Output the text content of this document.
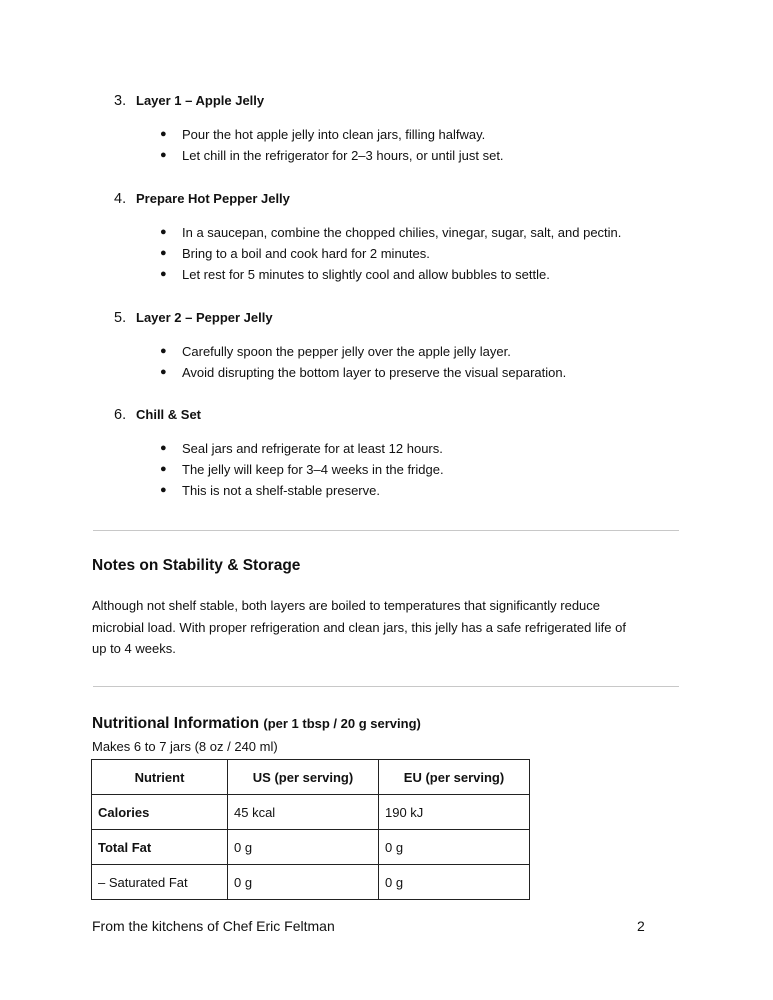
3. Layer 1 – Apple Jelly
●	Pour the hot apple jelly into clean jars, filling halfway.
●	Let chill in the refrigerator for 2–3 hours, or until just set.
4. Prepare Hot Pepper Jelly
●	In a saucepan, combine the chopped chilies, vinegar, sugar, salt, and pectin.
●	Bring to a boil and cook hard for 2 minutes.
●	Let rest for 5 minutes to slightly cool and allow bubbles to settle.
5. Layer 2 – Pepper Jelly
●	Carefully spoon the pepper jelly over the apple jelly layer.
●	Avoid disrupting the bottom layer to preserve the visual separation.
6. Chill & Set
●	Seal jars and refrigerate for at least 12 hours.
●	The jelly will keep for 3–4 weeks in the fridge.
●	This is not a shelf-stable preserve.
Notes on Stability & Storage
Although not shelf stable, both layers are boiled to temperatures that significantly reduce
microbial load. With proper refrigeration and clean jars, this jelly has a safe refrigerated life of
up to 4 weeks.
Nutritional Information (per 1 tbsp / 20 g serving)
Makes 6 to 7 jars (8 oz / 240 ml)
Nutrient	US (per serving)	EU (per serving)
Calories	45 kcal	190 kJ
Total Fat	0 g	0 g
– Saturated Fat	0 g	0 g
From the kitchens of Chef Eric Feltman	2
